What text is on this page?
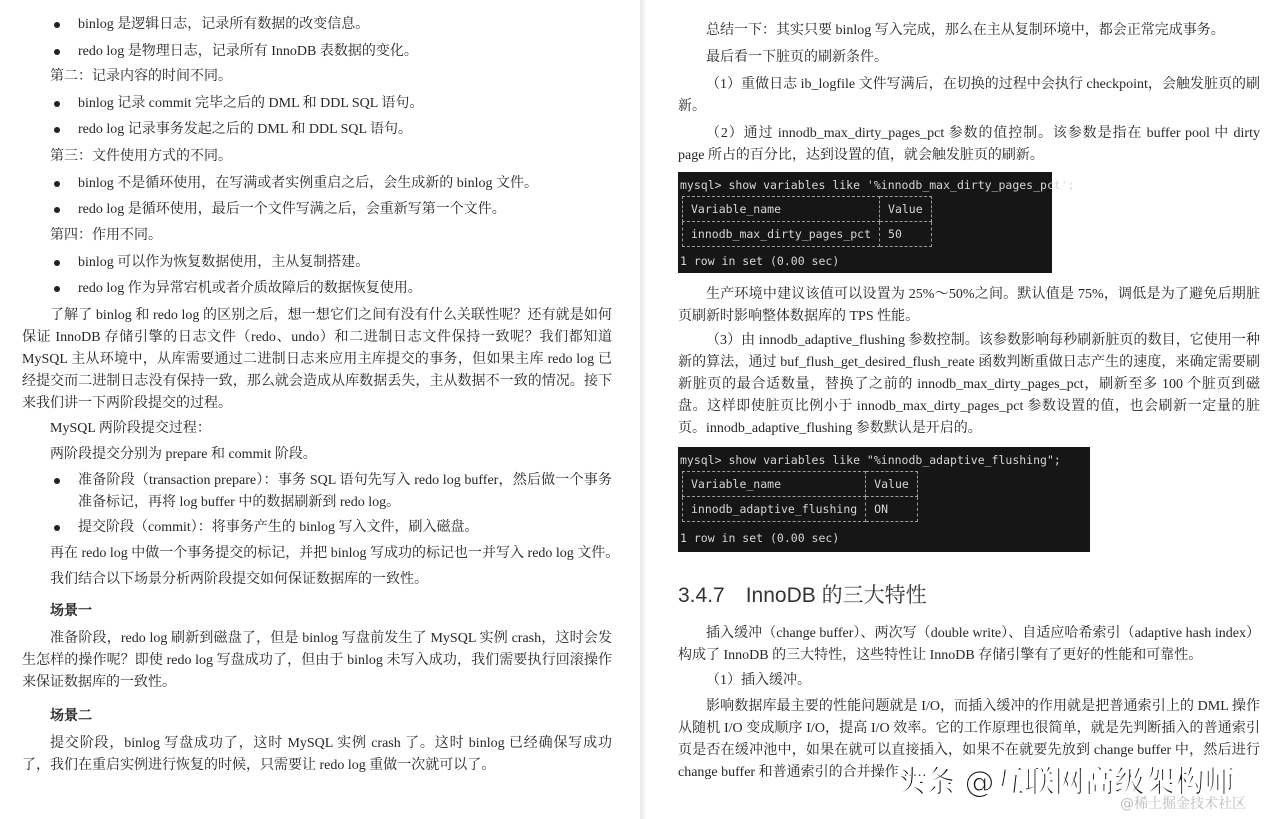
binlog 是逻辑日志，记录所有数据的改变信息。
redo log 是物理日志，记录所有 InnoDB 表数据的变化。
第二：记录内容的时间不同。
binlog 记录 commit 完毕之后的 DML 和 DDL SQL 语句。
redo log 记录事务发起之后的 DML 和 DDL SQL 语句。
第三：文件使用方式的不同。
binlog 不是循环使用，在写满或者实例重启之后，会生成新的 binlog 文件。
redo log 是循环使用，最后一个文件写满之后，会重新写第一个文件。
第四：作用不同。
binlog 可以作为恢复数据使用，主从复制搭建。
redo log 作为异常宕机或者介质故障后的数据恢复使用。
了解了 binlog 和 redo log 的区别之后，想一想它们之间有没有什么关联性呢？还有就是如何保证 InnoDB 存储引擎的日志文件（redo、undo）和二进制日志文件保持一致呢？我们都知道 MySQL 主从环境中，从库需要通过二进制日志来应用主库提交的事务，但如果主库 redo log 已经提交而二进制日志没有保持一致，那么就会造成从库数据丢失，主从数据不一致的情况。接下来我们讲一下两阶段提交的过程。
MySQL 两阶段提交过程：
两阶段提交分别为 prepare 和 commit 阶段。
准备阶段（transaction prepare）：事务 SQL 语句先写入 redo log buffer，然后做一个事务准备标记，再将 log buffer 中的数据刷新到 redo log。
提交阶段（commit）：将事务产生的 binlog 写入文件，刷入磁盘。
再在 redo log 中做一个事务提交的标记，并把 binlog 写成功的标记也一并写入 redo log 文件。
我们结合以下场景分析两阶段提交如何保证数据库的一致性。
场景一
准备阶段，redo log 刷新到磁盘了，但是 binlog 写盘前发生了 MySQL 实例 crash，这时会发生怎样的操作呢？即使 redo log 写盘成功了，但由于 binlog 未写入成功，我们需要执行回滚操作来保证数据库的一致性。
场景二
提交阶段，binlog 写盘成功了，这时 MySQL 实例 crash 了。这时 binlog 已经确保写成功了，我们在重启实例进行恢复的时候，只需要让 redo log 重做一次就可以了。
总结一下：其实只要 binlog 写入完成，那么在主从复制环境中，都会正常完成事务。
最后看一下脏页的刷新条件。
（1）重做日志 ib_logfile 文件写满后，在切换的过程中会执行 checkpoint，会触发脏页的刷新。
（2）通过 innodb_max_dirty_pages_pct 参数的值控制。该参数是指在 buffer pool 中 dirty page 所占的百分比，达到设置的值，就会触发脏页的刷新。
mysql> show variables like '%innodb_max_dirty_pages_pct';
Variable_name	Value
innodb_max_dirty_pages_pct	50
1 row in set (0.00 sec)
生产环境中建议该值可以设置为 25%～50%之间。默认值是 75%，调低是为了避免后期脏页刷新时影响整体数据库的 TPS 性能。
（3）由 innodb_adaptive_flushing 参数控制。该参数影响每秒刷新脏页的数目，它使用一种新的算法，通过 buf_flush_get_desired_flush_reate 函数判断重做日志产生的速度，来确定需要刷新脏页的最合适数量，替换了之前的 innodb_max_dirty_pages_pct，刷新至多 100 个脏页到磁盘。这样即使脏页比例小于 innodb_max_dirty_pages_pct 参数设置的值，也会刷新一定量的脏页。innodb_adaptive_flushing 参数默认是开启的。
mysql> show variables like "%innodb_adaptive_flushing";
Variable_name	Value
innodb_adaptive_flushing	ON
1 row in set (0.00 sec)
3.4.7　InnoDB 的三大特性
插入缓冲（change buffer）、两次写（double write）、自适应哈希索引（adaptive hash index）构成了 InnoDB 的三大特性，这些特性让 InnoDB 存储引擎有了更好的性能和可靠性。
（1）插入缓冲。
影响数据库最主要的性能问题就是 I/O，而插入缓冲的作用就是把普通索引上的 DML 操作从随机 I/O 变成顺序 I/O，提高 I/O 效率。它的工作原理也很简单，就是先判断插入的普通索引页是否在缓冲池中，如果在就可以直接插入，如果不在就要先放到 change buffer 中，然后进行 change buffer 和普通索引的合并操作……
头条 @互联网高级架构师
@稀土掘金技术社区
